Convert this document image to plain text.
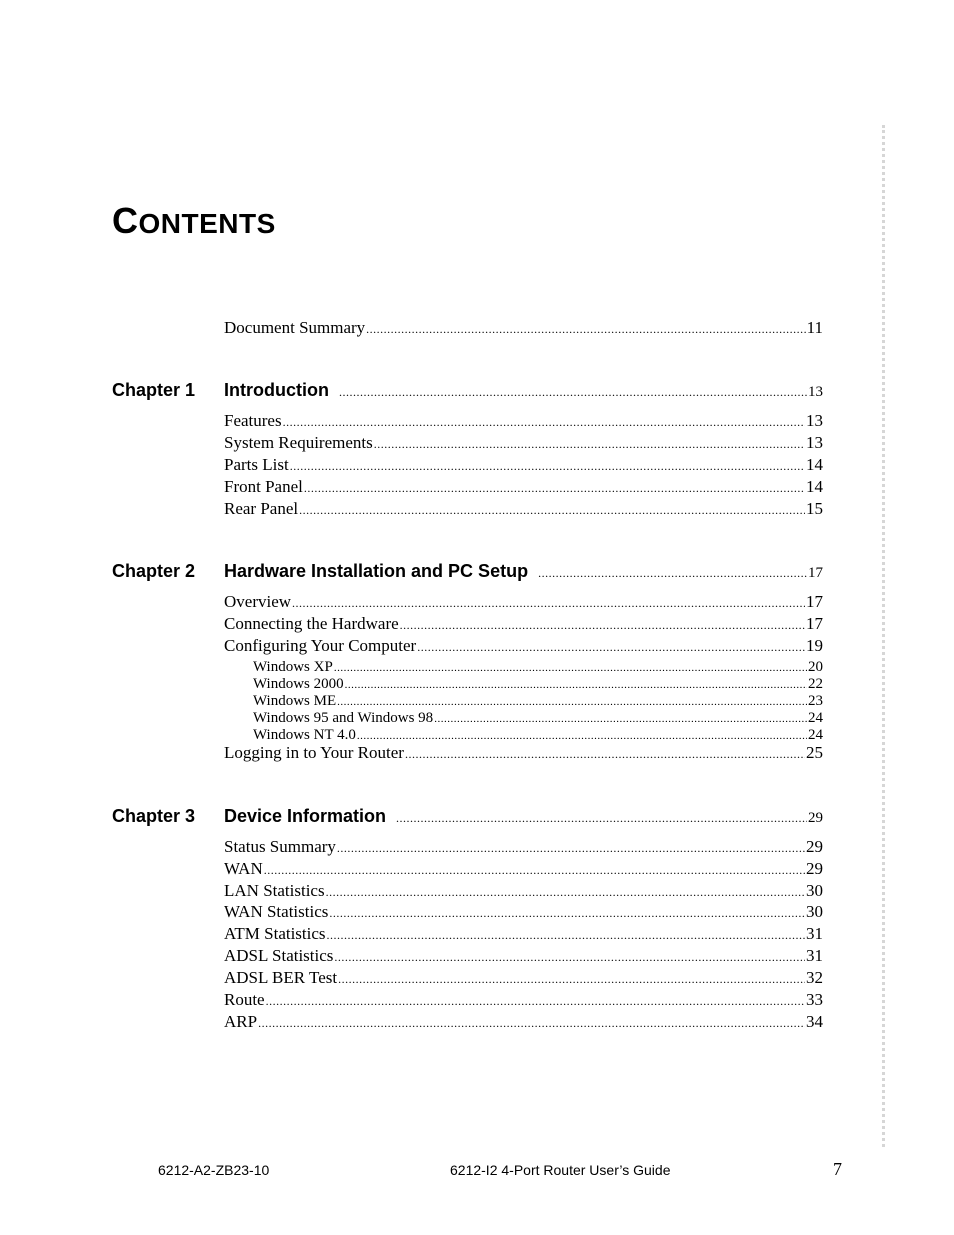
CONTENTS
Document Summary .....	11
Chapter 1 Introduction .....	13
Features .....	13
System Requirements .....	13
Parts List .....	14
Front Panel .....	14
Rear Panel .....	15
Chapter 2 Hardware Installation and PC Setup .....	17
Overview .....	17
Connecting the Hardware .....	17
Configuring Your Computer .....	19
Windows XP .....	20
Windows 2000 .....	22
Windows ME .....	23
Windows 95 and Windows 98 .....	24
Windows NT 4.0 .....	24
Logging in to Your Router .....	25
Chapter 3 Device Information .....	29
Status Summary .....	29
WAN .....	29
LAN Statistics .....	30
WAN Statistics .....	30
ATM Statistics .....	31
ADSL Statistics .....	31
ADSL BER Test .....	32
Route .....	33
ARP .....	34
6212-A2-ZB23-10	6212-I2 4-Port Router User’s Guide	7
